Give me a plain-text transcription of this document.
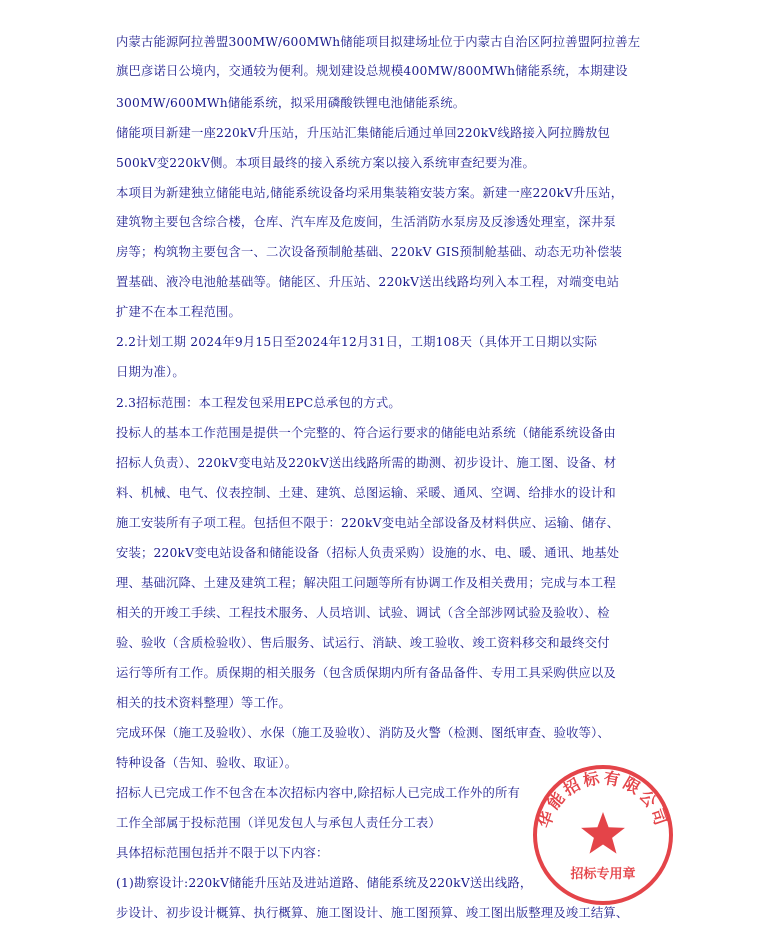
内蒙古能源阿拉善盟300MW/600MWh储能项目拟建场址位于内蒙古自治区阿拉善盟阿拉善左
旗巴彦诺日公境内，交通较为便利。规划建设总规模400MW/800MWh储能系统，本期建设
300MW/600MWh储能系统，拟采用磷酸铁锂电池储能系统。
储能项目新建一座220kV升压站，升压站汇集储能后通过单回220kV线路接入阿拉腾敖包
500kV变220kV侧。本项目最终的接入系统方案以接入系统审查纪要为准。
本项目为新建独立储能电站,储能系统设备均采用集装箱安装方案。新建一座220kV升压站，
建筑物主要包含综合楼，仓库、汽车库及危废间，生活消防水泵房及反渗透处理室，深井泵
房等；构筑物主要包含一、二次设备预制舱基础、220kV GIS预制舱基础、动态无功补偿装
置基础、液冷电池舱基础等。储能区、升压站、220kV送出线路均列入本工程，对端变电站
扩建不在本工程范围。
2.2计划工期 2024年9月15日至2024年12月31日，工期108天（具体开工日期以实际
日期为准）。
2.3招标范围：本工程发包采用EPC总承包的方式。
投标人的基本工作范围是提供一个完整的、符合运行要求的储能电站系统（储能系统设备由
招标人负责）、220kV变电站及220kV送出线路所需的勘测、初步设计、施工图、设备、材
料、机械、电气、仪表控制、土建、建筑、总图运输、采暖、通风、空调、给排水的设计和
施工安装所有子项工程。包括但不限于：220kV变电站全部设备及材料供应、运输、储存、
安装；220kV变电站设备和储能设备（招标人负责采购）设施的水、电、暖、通讯、地基处
理、基础沉降、土建及建筑工程；解决阻工问题等所有协调工作及相关费用；完成与本工程
相关的开竣工手续、工程技术服务、人员培训、试验、调试（含全部涉网试验及验收）、检
验、验收（含质检验收）、售后服务、试运行、消缺、竣工验收、竣工资料移交和最终交付
运行等所有工作。质保期的相关服务（包含质保期内所有备品备件、专用工具采购供应以及
相关的技术资料整理）等工作。
完成环保（施工及验收）、水保（施工及验收）、消防及火警（检测、图纸审查、验收等）、
特种设备（告知、验收、取证）。
招标人已完成工作不包含在本次招标内容中,除招标人已完成工作外的所有
工作全部属于投标范围（详见发包人与承包人责任分工表）
具体招标范围包括并不限于以下内容：
(1)勘察设计:220kV储能升压站及进站道路、储能系统及220kV送出线路，
步设计、初步设计概算、执行概算、施工图设计、施工图预算、竣工图出版整理及竣工结算、
华能招标有限公司
招标专用章
